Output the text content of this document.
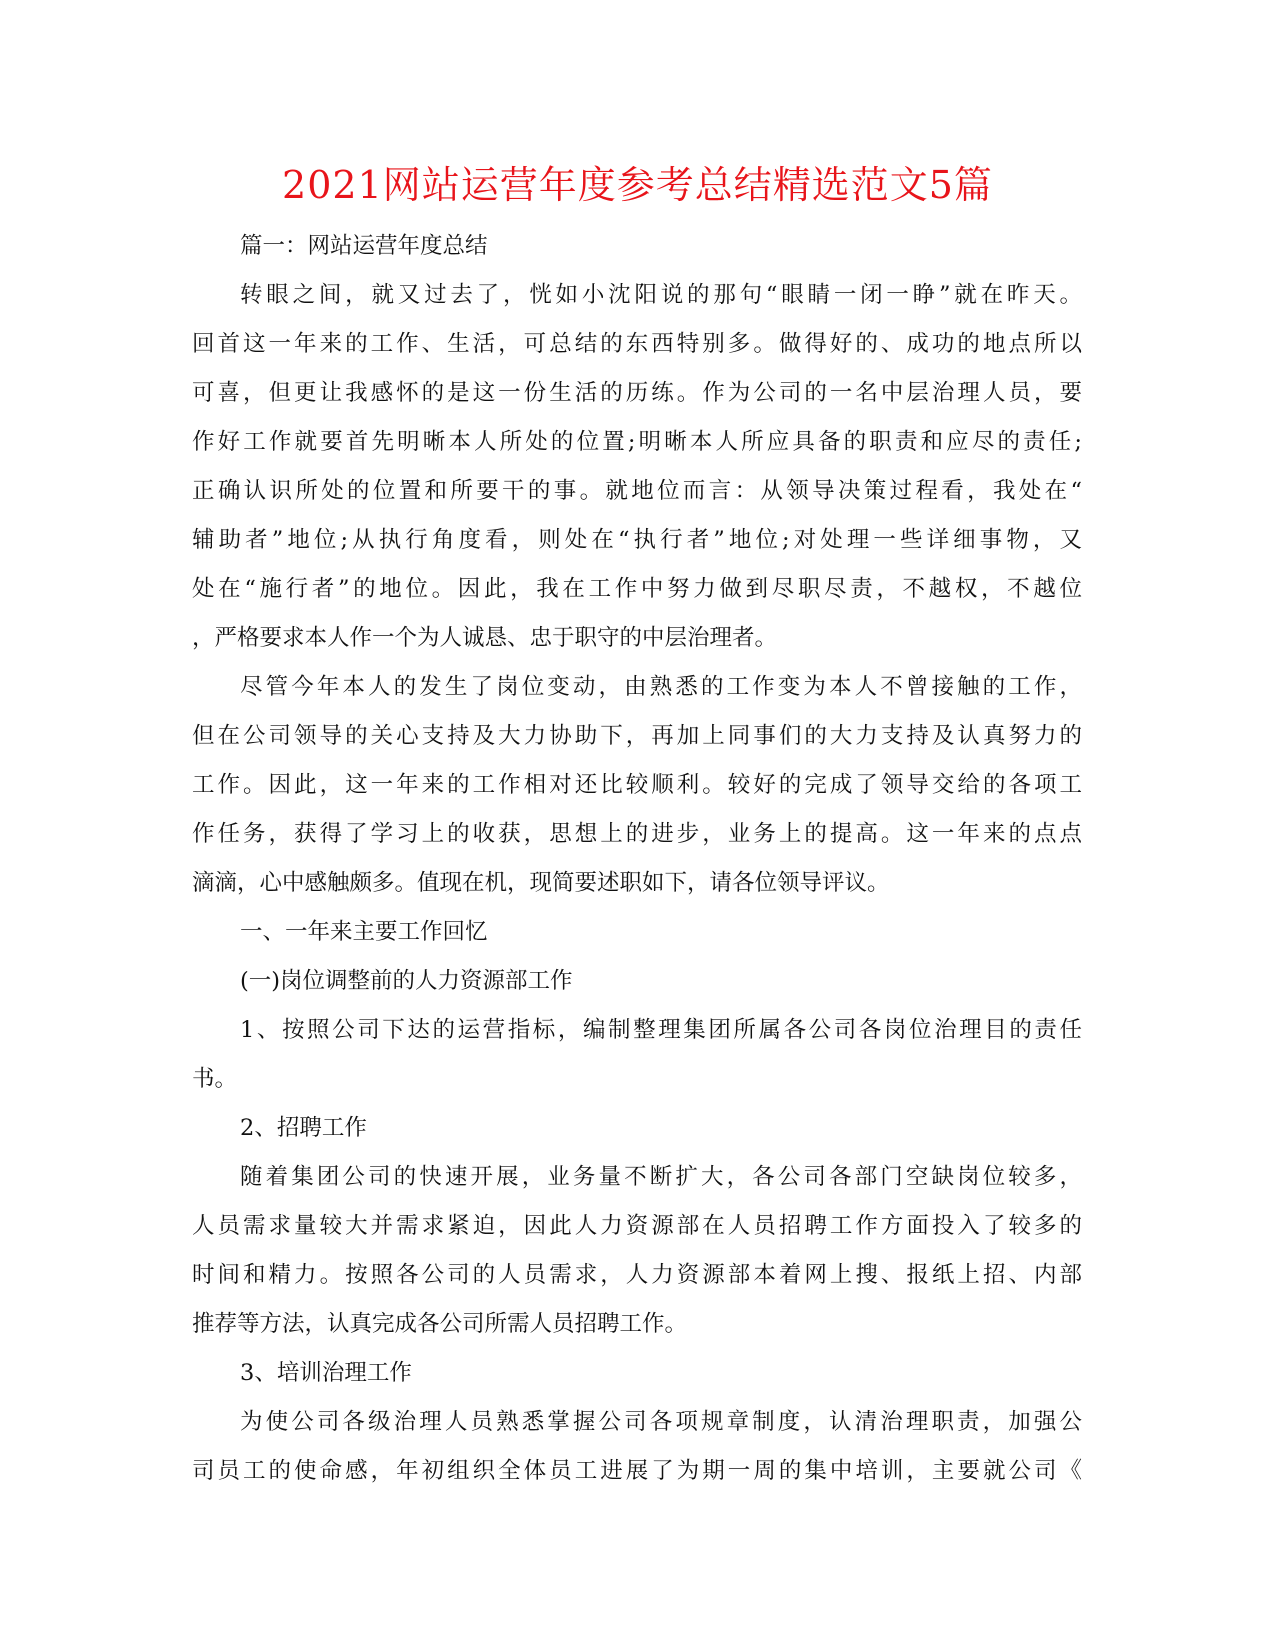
2021网站运营年度参考总结精选范文5篇
篇一：网站运营年度总结
转眼之间，就又过去了，恍如小沈阳说的那句“眼睛一闭一睁”就在昨天。
回首这一年来的工作、生活，可总结的东西特别多。做得好的、成功的地点所以
可喜，但更让我感怀的是这一份生活的历练。作为公司的一名中层治理人员，要
作好工作就要首先明晰本人所处的位置;明晰本人所应具备的职责和应尽的责任;
正确认识所处的位置和所要干的事。就地位而言：从领导决策过程看，我处在“
辅助者”地位;从执行角度看，则处在“执行者”地位;对处理一些详细事物，又
处在“施行者”的地位。因此，我在工作中努力做到尽职尽责，不越权，不越位
，严格要求本人作一个为人诚恳、忠于职守的中层治理者。
尽管今年本人的发生了岗位变动，由熟悉的工作变为本人不曾接触的工作，
但在公司领导的关心支持及大力协助下，再加上同事们的大力支持及认真努力的
工作。因此，这一年来的工作相对还比较顺利。较好的完成了领导交给的各项工
作任务，获得了学习上的收获，思想上的进步，业务上的提高。这一年来的点点
滴滴，心中感触颇多。值现在机，现简要述职如下，请各位领导评议。
一、一年来主要工作回忆
(一)岗位调整前的人力资源部工作
1、按照公司下达的运营指标，编制整理集团所属各公司各岗位治理目的责任
书。
2、招聘工作
随着集团公司的快速开展，业务量不断扩大，各公司各部门空缺岗位较多，
人员需求量较大并需求紧迫，因此人力资源部在人员招聘工作方面投入了较多的
时间和精力。按照各公司的人员需求，人力资源部本着网上搜、报纸上招、内部
推荐等方法，认真完成各公司所需人员招聘工作。
3、培训治理工作
为使公司各级治理人员熟悉掌握公司各项规章制度，认清治理职责，加强公
司员工的使命感，年初组织全体员工进展了为期一周的集中培训，主要就公司《
